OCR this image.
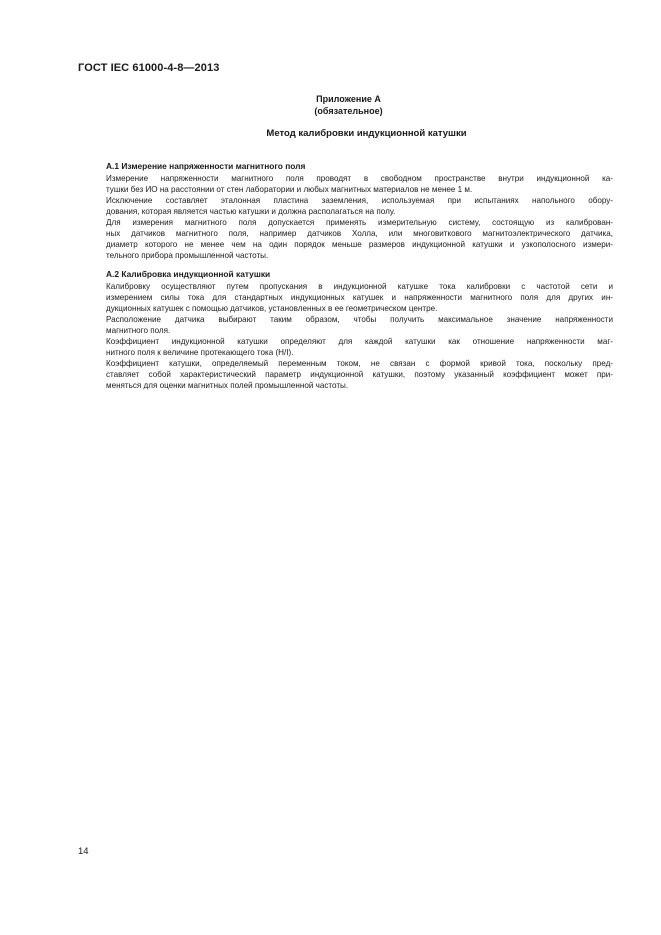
ГОСТ IEC 61000-4-8—2013
Приложение А
(обязательное)
Метод калибровки индукционной катушки
А.1 Измерение напряженности магнитного поля

Измерение напряженности магнитного поля проводят в свободном пространстве внутри индукционной ка-
тушки без ИО на расстоянии от стен лаборатории и любых магнитных материалов не менее 1 м.

Исключение составляет эталонная пластина заземления, используемая при испытаниях напольного обору-
дования, которая является частью катушки и должна располагаться на полу.

Для измерения магнитного поля допускается применять измерительную систему, состоящую из калиброван-
ных датчиков магнитного поля, например датчиков Холла, или многовиткового магнитоэлектрического датчика,
диаметр которого не менее чем на один порядок меньше размеров индукционной катушки и узкополосного измери-
тельного прибора промышленной частоты.

А.2 Калибровка индукционной катушки

Калибровку осуществляют путем пропускания в индукционной катушке тока калибровки с частотой сети и
измерением силы тока для стандартных индукционных катушек и напряженности магнитного поля для других ин-
дукционных катушек с помощью датчиков, установленных в ее геометрическом центре.

Расположение датчика выбирают таким образом, чтобы получить максимальное значение напряженности
магнитного поля.

Коэффициент индукционной катушки определяют для каждой катушки как отношение напряженности маг-
нитного поля к величине протекающего тока (H/I).

Коэффициент катушки, определяемый переменным током, не связан с формой кривой тока, поскольку пред-
ставляет собой характеристический параметр индукционной катушки, поэтому указанный коэффициент может при-
меняться для оценки магнитных полей промышленной частоты.

14
